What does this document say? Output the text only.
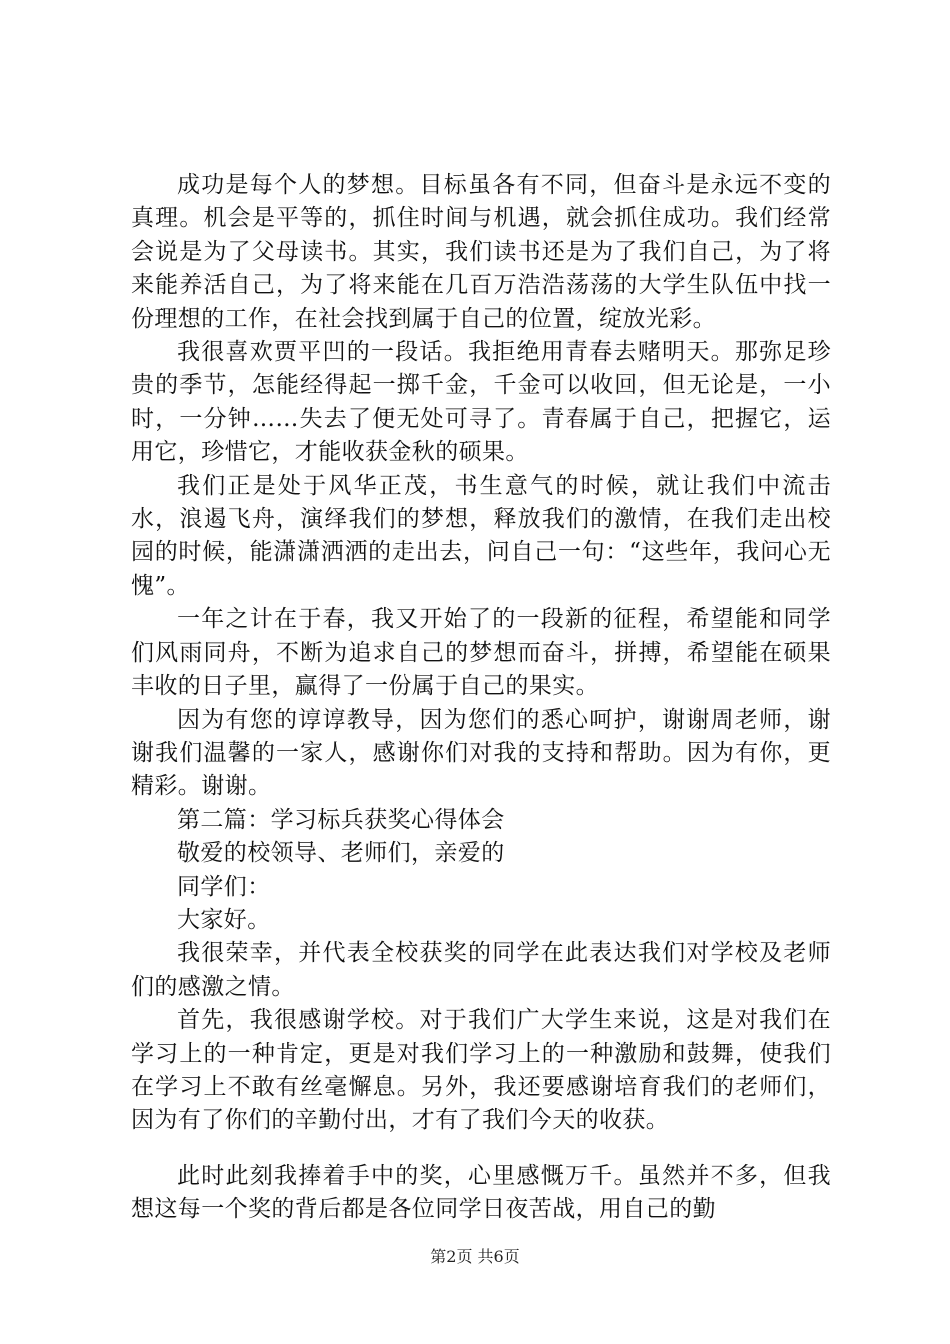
成功是每个人的梦想。目标虽各有不同，但奋斗是永远不变的真理。机会是平等的，抓住时间与机遇，就会抓住成功。我们经常会说是为了父母读书。其实，我们读书还是为了我们自己，为了将来能养活自己，为了将来能在几百万浩浩荡荡的大学生队伍中找一份理想的工作，在社会找到属于自己的位置，绽放光彩。

我很喜欢贾平凹的一段话。我拒绝用青春去赌明天。那弥足珍贵的季节，怎能经得起一掷千金，千金可以收回，但无论是，一小时，一分钟……失去了便无处可寻了。青春属于自己，把握它，运用它，珍惜它，才能收获金秋的硕果。

我们正是处于风华正茂，书生意气的时候，就让我们中流击水，浪遏飞舟，演绎我们的梦想，释放我们的激情，在我们走出校园的时候，能潇潇洒洒的走出去，问自己一句：“这些年，我问心无愧”。

一年之计在于春，我又开始了的一段新的征程，希望能和同学们风雨同舟，不断为追求自己的梦想而奋斗，拼搏，希望能在硕果丰收的日子里，赢得了一份属于自己的果实。

因为有您的谆谆教导，因为您们的悉心呵护，谢谢周老师，谢谢我们温馨的一家人，感谢你们对我的支持和帮助。因为有你，更精彩。谢谢。

第二篇：学习标兵获奖心得体会

敬爱的校领导、老师们，亲爱的

同学们：

大家好。

我很荣幸，并代表全校获奖的同学在此表达我们对学校及老师们的感激之情。

首先，我很感谢学校。对于我们广大学生来说，这是对我们在学习上的一种肯定，更是对我们学习上的一种激励和鼓舞，使我们在学习上不敢有丝毫懈息。另外，我还要感谢培育我们的老师们，因为有了你们的辛勤付出，才有了我们今天的收获。

此时此刻我捧着手中的奖，心里感慨万千。虽然并不多，但我想这每一个奖的背后都是各位同学日夜苦战，用自己的勤

第2页 共6页
